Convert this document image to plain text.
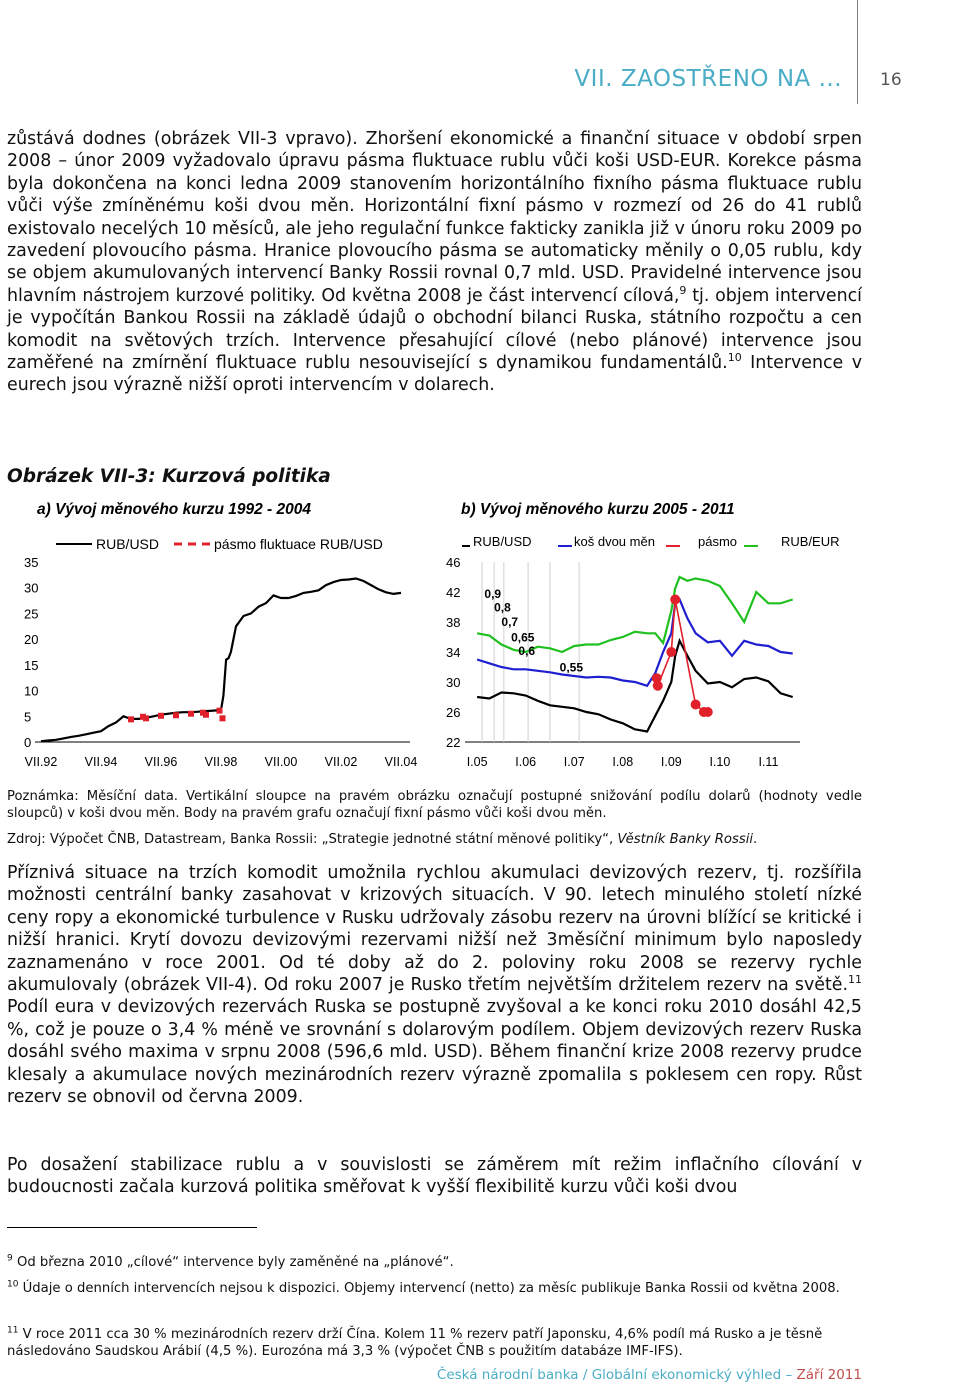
VII. ZAOSTŘENO NA ... 16

zůstává dodnes (obrázek VII-3 vpravo). Zhoršení ekonomické a finanční situace v období srpen 2008 – únor 2009 vyžadovalo úpravu pásma fluktuace rublu vůči koši USD-EUR. Korekce pásma byla dokončena na konci ledna 2009 stanovením horizontálního fixního pásma fluktuace rublu vůči výše zmíněnému koši dvou měn. Horizontální fixní pásmo v rozmezí od 26 do 41 rublů existovalo necelých 10 měsíců, ale jeho regulační funkce fakticky zanikla již v únoru roku 2009 po zavedení plovoucího pásma. Hranice plovoucího pásma se automaticky měnily o 0,05 rublu, kdy se objem akumulovaných intervencí Banky Rossii rovnal 0,7 mld. USD. Pravidelné intervence jsou hlavním nástrojem kurzové politiky. Od května 2008 je část intervencí cílová,$^9$ tj. objem intervencí je vypočítán Bankou Rossii na základě údajů o obchodní bilanci Ruska, státního rozpočtu a cen komodit na světových trzích. Intervence přesahující cílové (nebo plánové) intervence jsou zaměřené na zmírnění fluktuace rublu nesouvisející s dynamikou fundamentálů.$^{10}$ Intervence v eurech jsou výrazně nižší oproti intervencím v dolarech.

Obrázek VII-3: Kurzová politika
a) Vývoj měnového kurzu 1992 - 2004
RUB/USD	pásmo fluktuace RUB/USD
0
5
10
15
20
25
30
35
VII.92 VII.94 VII.96 VII.98 VII.00 VII.02 VII.04
b) Vývoj měnového kurzu 2005 - 2011
RUB/USD	koš dvou měn	pásmo	RUB/EUR
22
26
30
34
38
42
46
I.05 I.06 I.07 I.08 I.09 I.10 I.11
0,9
0,8
0,7
0,65
0,6
0,55

Poznámka: Měsíční data. Vertikální sloupce na pravém obrázku označují postupné snižování podílu dolarů (hodnoty vedle sloupců) v koši dvou měn. Body na pravém grafu označují fixní pásmo vůči koši dvou měn.

Zdroj: Výpočet ČNB, Datastream, Banka Rossii: „Strategie jednotné státní měnové politiky“, Věstník Banky Rossii.

Příznivá situace na trzích komodit umožnila rychlou akumulaci devizových rezerv, tj. rozšířila možnosti centrální banky zasahovat v krizových situacích. V 90. letech minulého století nízké ceny ropy a ekonomické turbulence v Rusku udržovaly zásobu rezerv na úrovni blížící se kritické i nižší hranici. Krytí dovozu devizovými rezervami nižší než 3měsíční minimum bylo naposledy zaznamenáno v roce 2001. Od té doby až do 2. poloviny roku 2008 se rezervy rychle akumulovaly (obrázek VII-4). Od roku 2007 je Rusko třetím největším držitelem rezerv na světě.$^{11}$ Podíl eura v devizových rezervách Ruska se postupně zvyšoval a ke konci roku 2010 dosáhl 42,5 %, což je pouze o 3,4 % méně ve srovnání s dolarovým podílem. Objem devizových rezerv Ruska dosáhl svého maxima v srpnu 2008 (596,6 mld. USD). Během finanční krize 2008 rezervy prudce klesaly a akumulace nových mezinárodních rezerv výrazně zpomalila s poklesem cen ropy. Růst rezerv se obnovil od června 2009.

Po dosažení stabilizace rublu a v souvislosti se záměrem mít režim inflačního cílování v budoucnosti začala kurzová politika směřovat k vyšší flexibilitě kurzu vůči koši dvou

$^9$ Od března 2010 „cílové“ intervence byly zaměněné na „plánové“.

$^{10}$ Údaje o denních intervencích nejsou k dispozici. Objemy intervencí (netto) za měsíc publikuje Banka Rossii od května 2008.

$^{11}$ V roce 2011 cca 30 % mezinárodních rezerv drží Čína. Kolem 11 % rezerv patří Japonsku, 4,6% podíl má Rusko a je těsně následováno Saudskou Arábií (4,5 %). Eurozóna má 3,3 % (výpočet ČNB s použitím databáze IMF-IFS).

Česká národní banka / Globální ekonomický výhled – Září 2011
